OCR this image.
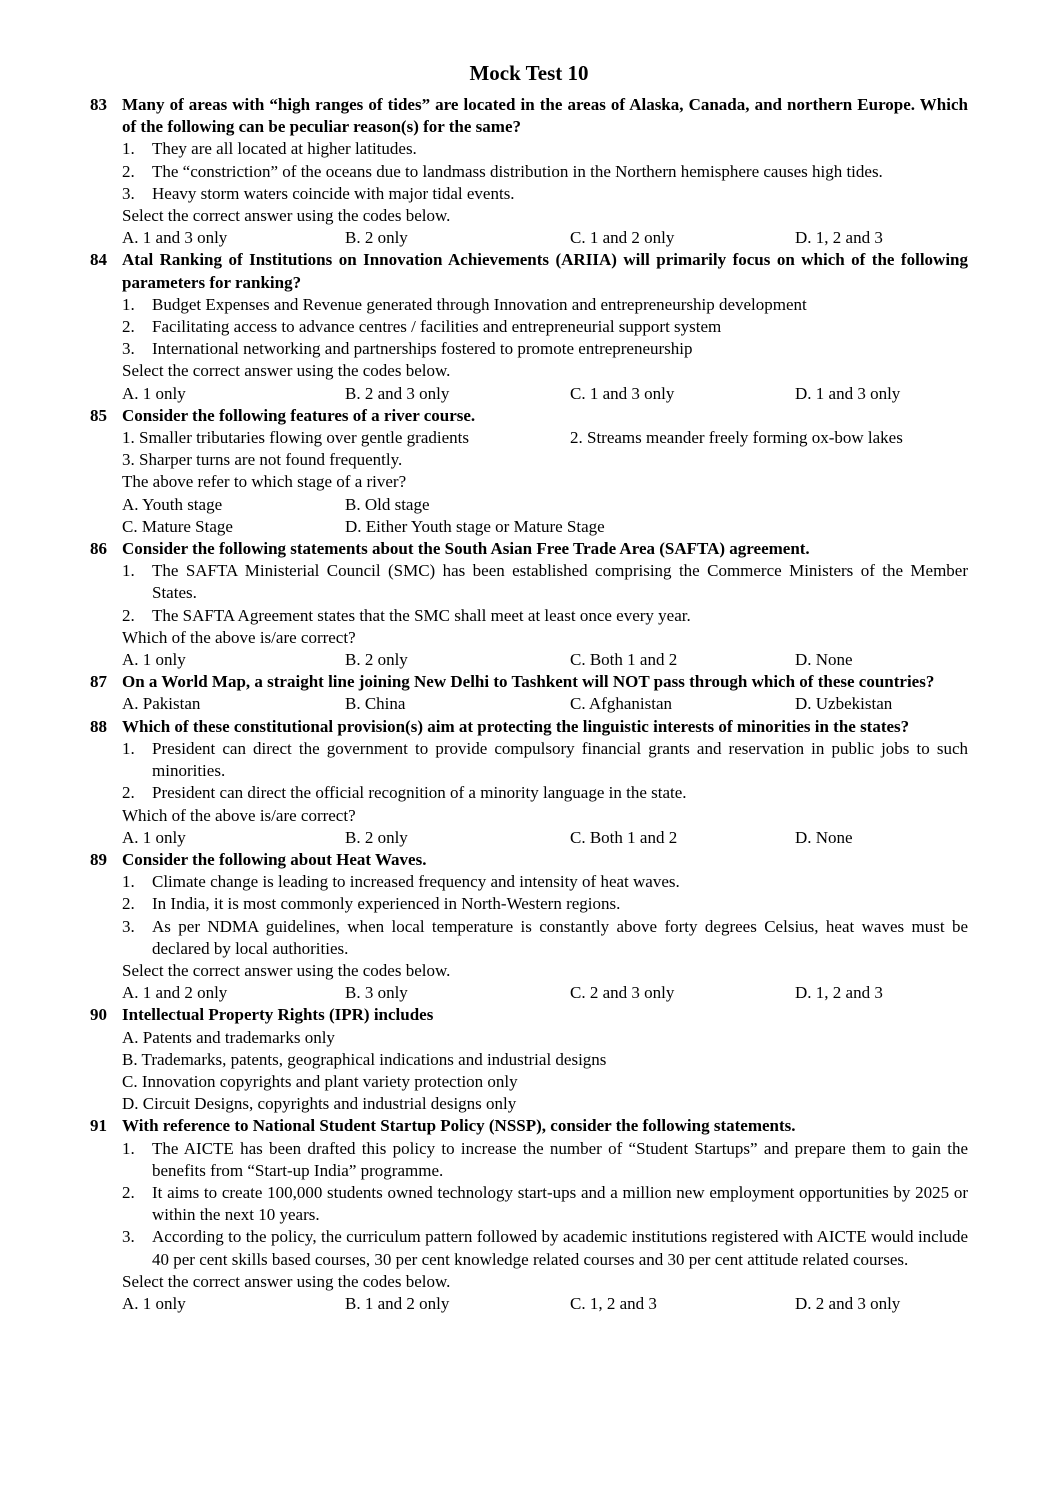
Mock Test 10
83 Many of areas with “high ranges of tides” are located in the areas of Alaska, Canada, and northern Europe. Which of the following can be peculiar reason(s) for the same?
1. They are all located at higher latitudes.
2. The “constriction” of the oceans due to landmass distribution in the Northern hemisphere causes high tides.
3. Heavy storm waters coincide with major tidal events.
Select the correct answer using the codes below.
A. 1 and 3 only	B. 2 only	C. 1 and 2 only	D. 1, 2 and 3
84 Atal Ranking of Institutions on Innovation Achievements (ARIIA) will primarily focus on which of the following parameters for ranking?
1. Budget Expenses and Revenue generated through Innovation and entrepreneurship development
2. Facilitating access to advance centres / facilities and entrepreneurial support system
3. International networking and partnerships fostered to promote entrepreneurship
Select the correct answer using the codes below.
A. 1 only	B. 2 and 3 only	C. 1 and 3 only	D. 1 and 3 only
85 Consider the following features of a river course.
1. Smaller tributaries flowing over gentle gradients	2. Streams meander freely forming ox-bow lakes
3. Sharper turns are not found frequently.
The above refer to which stage of a river?
A. Youth stage	B. Old stage
C. Mature Stage	D. Either Youth stage or Mature Stage
86 Consider the following statements about the South Asian Free Trade Area (SAFTA) agreement.
1. The SAFTA Ministerial Council (SMC) has been established comprising the Commerce Ministers of the Member States.
2. The SAFTA Agreement states that the SMC shall meet at least once every year.
Which of the above is/are correct?
A. 1 only	B. 2 only	C. Both 1 and 2	D. None
87 On a World Map, a straight line joining New Delhi to Tashkent will NOT pass through which of these countries?
A. Pakistan	B. China	C. Afghanistan	D. Uzbekistan
88 Which of these constitutional provision(s) aim at protecting the linguistic interests of minorities in the states?
1. President can direct the government to provide compulsory financial grants and reservation in public jobs to such minorities.
2. President can direct the official recognition of a minority language in the state.
Which of the above is/are correct?
A. 1 only	B. 2 only	C. Both 1 and 2	D. None
89 Consider the following about Heat Waves.
1. Climate change is leading to increased frequency and intensity of heat waves.
2. In India, it is most commonly experienced in North-Western regions.
3. As per NDMA guidelines, when local temperature is constantly above forty degrees Celsius, heat waves must be declared by local authorities.
Select the correct answer using the codes below.
A. 1 and 2 only	B. 3 only	C. 2 and 3 only	D. 1, 2 and 3
90 Intellectual Property Rights (IPR) includes
A. Patents and trademarks only
B. Trademarks, patents, geographical indications and industrial designs
C. Innovation copyrights and plant variety protection only
D. Circuit Designs, copyrights and industrial designs only
91 With reference to National Student Startup Policy (NSSP), consider the following statements.
1. The AICTE has been drafted this policy to increase the number of “Student Startups” and prepare them to gain the benefits from “Start-up India” programme.
2. It aims to create 100,000 students owned technology start-ups and a million new employment opportunities by 2025 or within the next 10 years.
3. According to the policy, the curriculum pattern followed by academic institutions registered with AICTE would include 40 per cent skills based courses, 30 per cent knowledge related courses and 30 per cent attitude related courses.
Select the correct answer using the codes below.
A. 1 only	B. 1 and 2 only	C. 1, 2 and 3	D. 2 and 3 only
